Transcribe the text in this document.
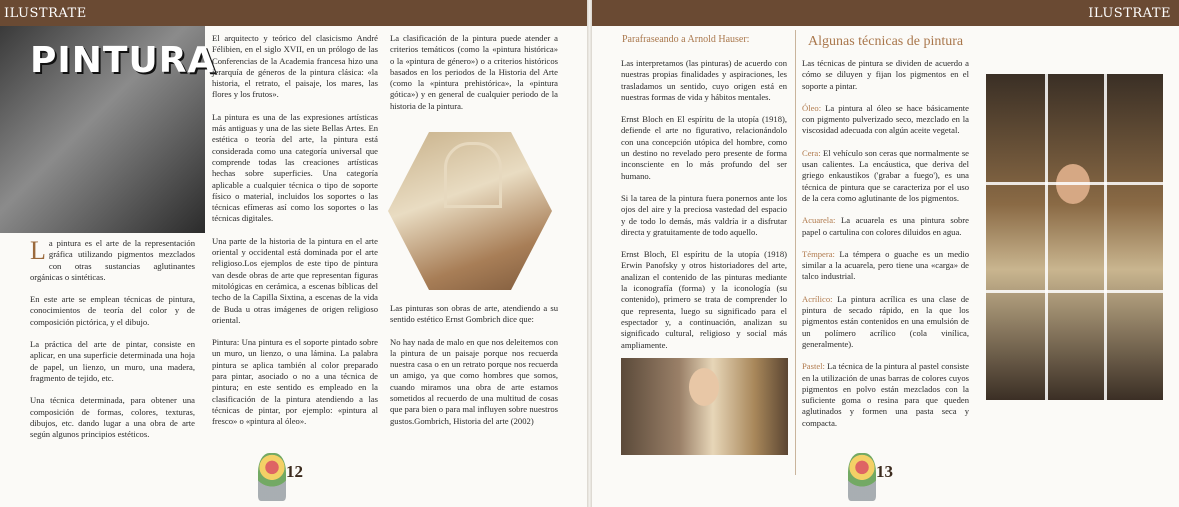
ILUSTRATE
PINTURA

La pintura es el arte de la representación gráfica utilizando pigmentos mezclados con otras sustancias aglutinantes orgánicas o sintéticas.

En este arte se emplean técnicas de pintura, conocimientos de teoría del color y de composición pictórica, y el dibujo.

La práctica del arte de pintar, consiste en aplicar, en una superficie determinada una hoja de papel, un lienzo, un muro, una madera, fragmento de tejido, etc.

Una técnica determinada, para obtener una composición de formas, colores, texturas, dibujos, etc. dando lugar a una obra de arte según algunos principios estéticos.

El arquitecto y teórico del clasicismo André Félibien, en el siglo XVII, en un prólogo de las Conferencias de la Academia francesa hizo una jerarquía de géneros de la pintura clásica: «la historia, el retrato, el paisaje, los mares, las flores y los frutos».

La pintura es una de las expresiones artísticas más antiguas y una de las siete Bellas Artes. En estética o teoría del arte, la pintura está considerada como una categoría universal que comprende todas las creaciones artísticas hechas sobre superficies. Una categoría aplicable a cualquier técnica o tipo de soporte físico o material, incluidos los soportes o las técnicas efímeras así como los soportes o las técnicas digitales.

Una parte de la historia de la pintura en el arte oriental y occidental está dominada por el arte religioso.Los ejemplos de este tipo de pintura van desde obras de arte que representan figuras mitológicas en cerámica, a escenas bíblicas del techo de la Capilla Sixtina, a escenas de la vida de Buda u otras imágenes de origen religioso oriental.

Pintura: Una pintura es el soporte pintado sobre un muro, un lienzo, o una lámina. La palabra pintura se aplica también al color preparado para pintar, asociado o no a una técnica de pintura; en este sentido es empleado en la clasificación de la pintura atendiendo a las técnicas de pintar, por ejemplo: «pintura al fresco» o «pintura al óleo».

La clasificación de la pintura puede atender a criterios temáticos (como la «pintura histórica» o la «pintura de género») o a criterios históricos basados en los periodos de la Historia del Arte (como la «pintura prehistórica», la «pintura gótica») y en general de cualquier periodo de la historia de la pintura.

Las pinturas son obras de arte, atendiendo a su sentido estético Ernst Gombrich dice que:

No hay nada de malo en que nos deleitemos con la pintura de un paisaje porque nos recuerda nuestra casa o en un retrato porque nos recuerda un amigo, ya que como hombres que somos, cuando miramos una obra de arte estamos sometidos al recuerdo de una multitud de cosas que para bien o para mal influyen sobre nuestros gustos.Gombrich, Historia del arte (2002)

12
ILUSTRATE
Parafraseando a Arnold Hauser:

Las interpretamos (las pinturas) de acuerdo con nuestras propias finalidades y aspiraciones, les trasladamos un sentido, cuyo origen está en nuestras formas de vida y hábitos mentales.

Ernst Bloch en El espíritu de la utopía (1918), defiende el arte no figurativo, relacionándolo con una concepción utópica del hombre, como un destino no revelado pero presente de forma inconsciente en lo más profundo del ser humano.

Si la tarea de la pintura fuera ponernos ante los ojos del aire y la preciosa vastedad del espacio y de todo lo demás, más valdría ir a disfrutar directa y gratuitamente de todo aquello.

Ernst Bloch, El espíritu de la utopía (1918) Erwin Panofsky y otros historiadores del arte, analizan el contenido de las pinturas mediante la iconografía (forma) y la iconología (su contenido), primero se trata de comprender lo que representa, luego su significado para el espectador y, a continuación, analizan su significado cultural, religioso y social más ampliamente.

Algunas técnicas de pintura

Las técnicas de pintura se dividen de acuerdo a cómo se diluyen y fijan los pigmentos en el soporte a pintar.

Óleo: La pintura al óleo se hace básicamente con pigmento pulverizado seco, mezclado en la viscosidad adecuada con algún aceite vegetal.

Cera: El vehículo son ceras que normalmente se usan calientes. La encáustica, que deriva del griego enkaustikos ('grabar a fuego'), es una técnica de pintura que se caracteriza por el uso de la cera como aglutinante de los pigmentos.

Acuarela: La acuarela es una pintura sobre papel o cartulina con colores diluidos en agua.

Témpera: La témpera o guache es un medio similar a la acuarela, pero tiene una «carga» de talco industrial.

Acrílico: La pintura acrílica es una clase de pintura de secado rápido, en la que los pigmentos están contenidos en una emulsión de un polímero acrílico (cola vinílica, generalmente).

Pastel: La técnica de la pintura al pastel consiste en la utilización de unas barras de colores cuyos pigmentos en polvo están mezclados con la suficiente goma o resina para que queden aglutinados y formen una pasta seca y compacta.

13
